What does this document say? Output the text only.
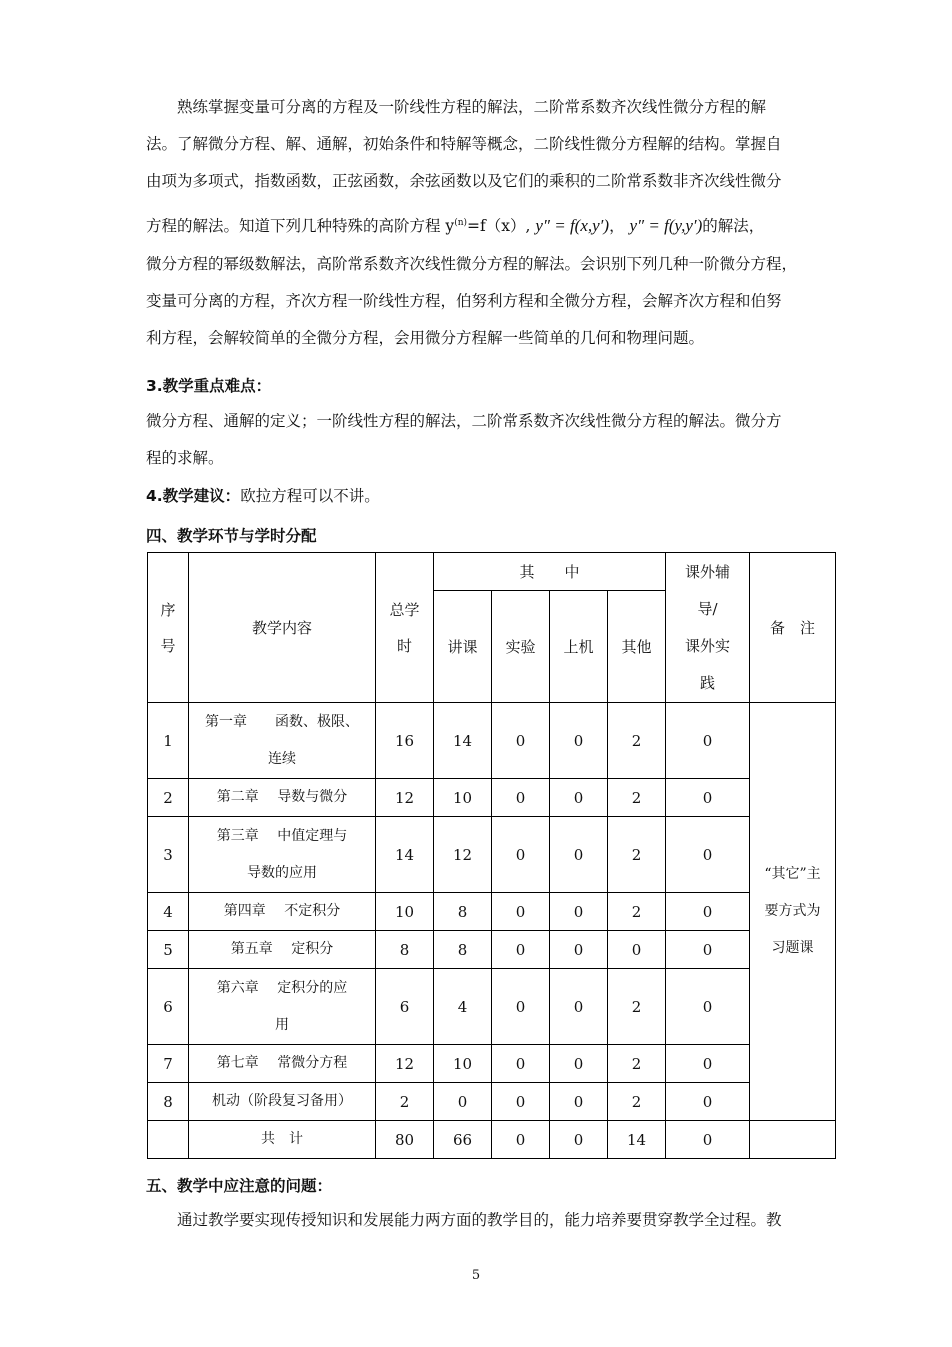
熟练掌握变量可分离的方程及一阶线性方程的解法，二阶常系数齐次线性微分方程的解
法。了解微分方程、解、通解，初始条件和特解等概念，二阶线性微分方程解的结构。掌握自
由项为多项式，指数函数，正弦函数，余弦函数以及它们的乘积的二阶常系数非齐次线性微分
方程的解法。知道下列几种特殊的高阶方程 $y^{(n)}=f(x)$, y″ = f(x,y′)， y″ = f(y,y′)的解法，
微分方程的幂级数解法，高阶常系数齐次线性微分方程的解法。会识别下列几种一阶微分方程，
变量可分离的方程，齐次方程一阶线性方程，伯努利方程和全微分方程，会解齐次方程和伯努
利方程，会解较简单的全微分方程，会用微分方程解一些简单的几何和物理问题。
3.教学重点难点：
微分方程、通解的定义；一阶线性方程的解法，二阶常系数齐次线性微分方程的解法。微分方
程的求解。
4.教学建议：欧拉方程可以不讲。
四、教学环节与学时分配
序
号	教学内容	总学
时	其　　中				课外辅
导/
课外实
践	备　注
			讲课	实验	上机	其他		
1	第一章　　函数、极限、
连续	16	14	0	0	2	0	“其它”主
要方式为
习题课
2	第二章　 导数与微分	12	10	0	0	2	0	
3	第三章　 中值定理与
导数的应用	14	12	0	0	2	0	
4	第四章　 不定积分	10	8	0	0	2	0	
5	第五章　 定积分	8	8	0	0	0	0	
6	第六章　 定积分的应
用	6	4	0	0	2	0	
7	第七章　 常微分方程	12	10	0	0	2	0	
8	机动（阶段复习备用）	2	0	0	0	2	0	
	共　计	80	66	0	0	14	0	
五、教学中应注意的问题：
通过教学要实现传授知识和发展能力两方面的教学目的，能力培养要贯穿教学全过程。教
5
